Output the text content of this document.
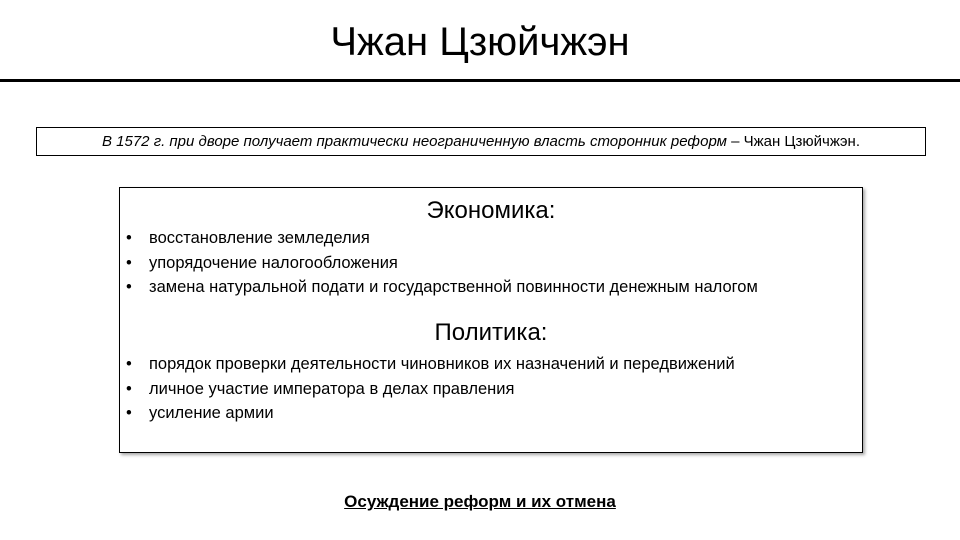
Чжан Цзюйчжэн
В 1572 г. при дворе получает практически неограниченную власть сторонник реформ – Чжан Цзюйчжэн.
Экономика:
• восстановление земледелия
• упорядочение налогообложения
• замена натуральной подати и государственной повинности денежным налогом
Политика:
• порядок проверки деятельности чиновников их назначений и передвижений
• личное участие императора в делах правления
• усиление армии
Осуждение реформ и их отмена
